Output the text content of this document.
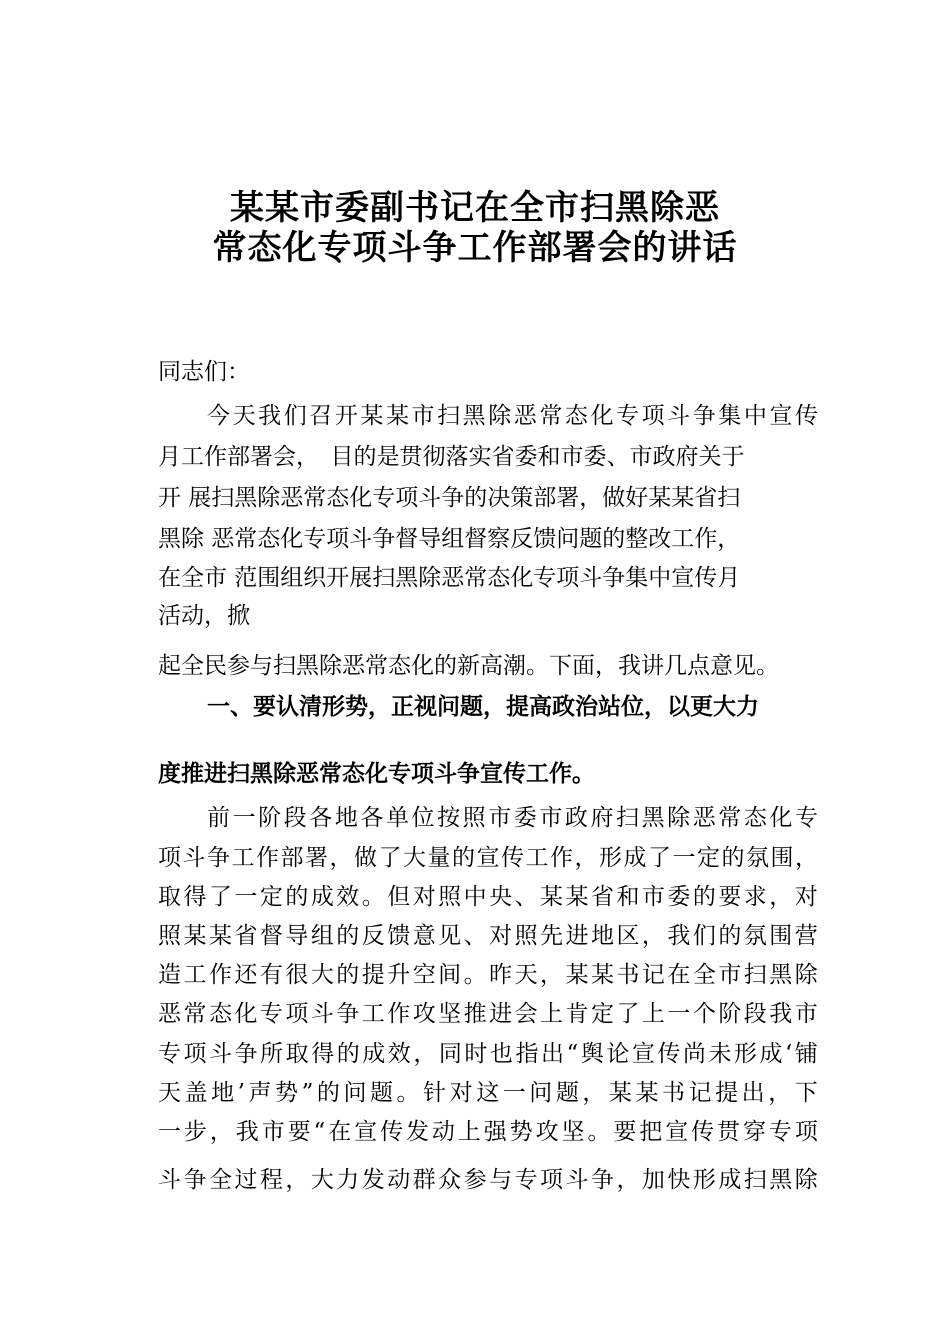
某某市委副书记在全市扫黑除恶
常态化专项斗争工作部署会的讲话
同志们：
今 天 我 们 召 开 某 某 市 扫 黑 除 恶 常 态 化 专 项 斗 争 集 中 宣 传
月工作部署会，　目的是贯彻落实省委和市委、市政府关于
开 展扫黑除恶常态化专项斗争的决策部署，做好某某省扫
黑除 恶常态化专项斗争督导组督察反馈问题的整改工作，
在全市 范围组织开展扫黑除恶常态化专项斗争集中宣传月
活动，掀
起全民参与扫黑除恶常态化的新高潮。下面，我讲几点意见。
一、要认清形势，正视问题，提高政治站位，以更大力
度推进扫黑除恶常态化专项斗争宣传工作。
前 一 阶 段 各 地 各 单 位 按 照 市 委 市 政 府 扫 黑 除 恶 常 态 化 专
项 斗 争 工 作 部 署 ， 做 了 大 量 的 宣 传 工 作 ， 形 成 了 一 定 的 氛 围 ，
取 得 了 一 定 的 成 效 。 但 对 照 中 央 、 某 某 省 和 市 委 的 要 求 ， 对
照 某 某 省 督 导 组 的 反 馈 意 见 、 对 照 先 进 地 区 ， 我 们 的 氛 围 营
造 工 作 还 有 很 大 的 提 升 空 间 。 昨 天 ， 某 某 书 记 在 全 市 扫 黑 除
恶 常 态 化 专 项 斗 争 工 作 攻 坚 推 进 会 上 肯 定 了 上 一 个 阶 段 我 市
专 项 斗 争 所 取 得 的 成 效 ， 同 时 也 指 出 “ 舆 论 宣 传 尚 未 形 成 ‘ 铺
天 盖 地 ’ 声 势 ” 的 问 题 。 针 对 这 一 问 题 ， 某 某 书 记 提 出 ， 下
一 步 ， 我 市 要 “ 在 宣 传 发 动 上 强 势 攻 坚 。 要 把 宣 传 贯 穿 专 项
斗 争 全 过 程 ， 大 力 发 动 群 众 参 与 专 项 斗 争 ， 加 快 形 成 扫 黑 除
